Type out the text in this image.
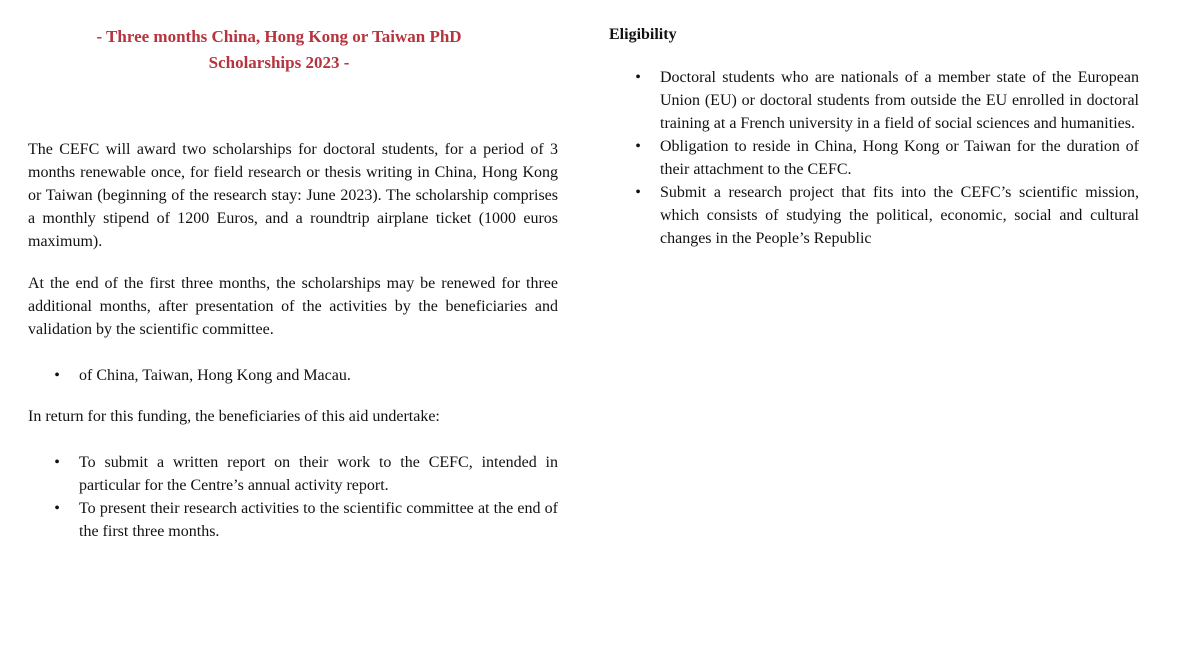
- Three months China, Hong Kong or Taiwan PhD
Scholarships 2023 -

The CEFC will award two scholarships for doctoral students, for a period of 3 months renewable once, for field research or thesis writing in China, Hong Kong or Taiwan (beginning of the research stay: June 2023). The scholarship comprises a monthly stipend of 1200 Euros, and a roundtrip airplane ticket (1000 euros maximum).

At the end of the first three months, the scholarships may be renewed for three additional months, after presentation of the activities by the beneficiaries and validation by the scientific committee.

• of China, Taiwan, Hong Kong and Macau.

In return for this funding, the beneficiaries of this aid undertake:

• To submit a written report on their work to the CEFC, intended in particular for the Centre’s annual activity report.
• To present their research activities to the scientific committee at the end of the first three months.
Eligibility
• Doctoral students who are nationals of a member state of the European Union (EU) or doctoral students from outside the EU enrolled in doctoral training at a French university in a field of social sciences and humanities.
• Obligation to reside in China, Hong Kong or Taiwan for the duration of their attachment to the CEFC.
• Submit a research project that fits into the CEFC’s scientific mission, which consists of studying the political, economic, social and cultural changes in the People’s Republic
